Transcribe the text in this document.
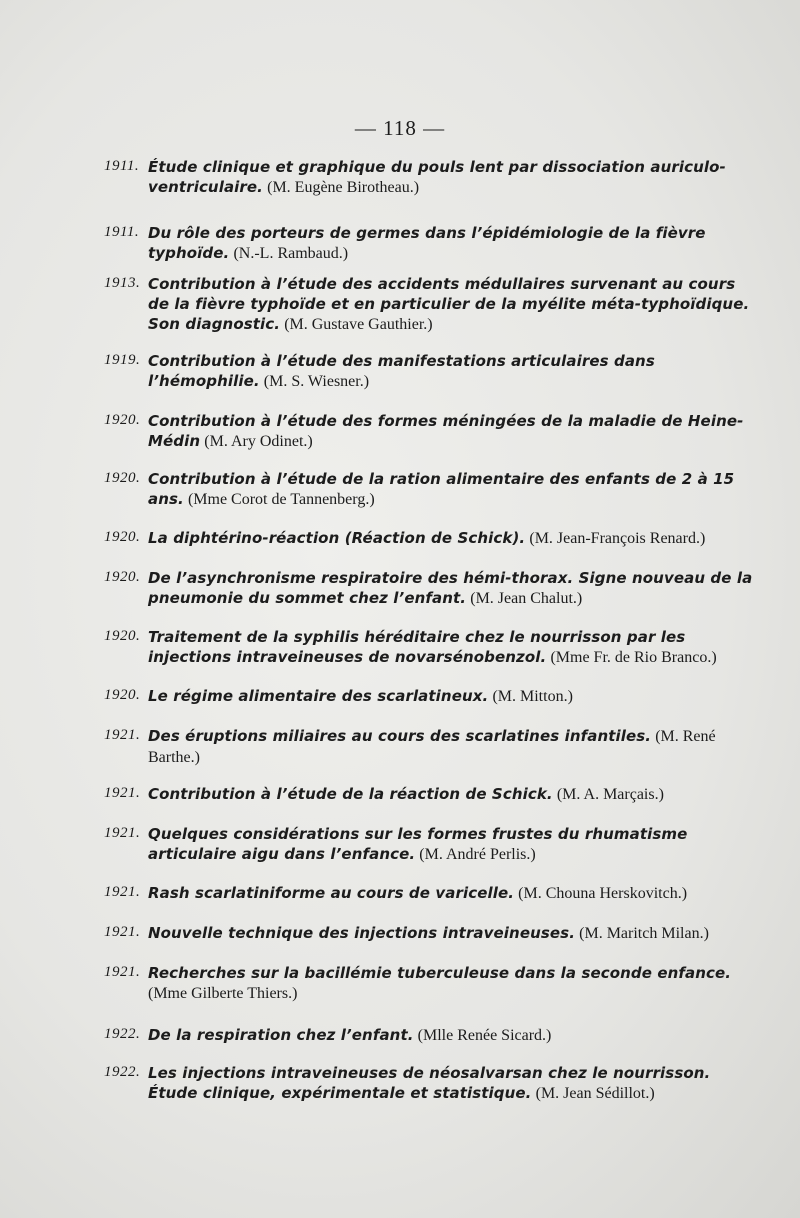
— 118 —
1911. Étude clinique et graphique du pouls lent par dissociation auriculo-ventriculaire. (M. Eugène Birotheau.)
1911. Du rôle des porteurs de germes dans l’épidémiologie de la fièvre typhoïde. (N.-L. Rambaud.)
1913. Contribution à l’étude des accidents médullaires survenant au cours de la fièvre typhoïde et en particulier de la myélite méta-typhoïdique. Son diagnostic. (M. Gustave Gauthier.)
1919. Contribution à l’étude des manifestations articulaires dans l’hémophilie. (M. S. Wiesner.)
1920. Contribution à l’étude des formes méningées de la maladie de Heine-Médin (M. Ary Odinet.)
1920. Contribution à l’étude de la ration alimentaire des enfants de 2 à 15 ans. (Mme Corot de Tannenberg.)
1920. La diphtérino-réaction (Réaction de Schick). (M. Jean-François Renard.)
1920. De l’asynchronisme respiratoire des hémi-thorax. Signe nouveau de la pneumonie du sommet chez l’enfant. (M. Jean Chalut.)
1920. Traitement de la syphilis héréditaire chez le nourrisson par les injections intraveineuses de novarsénobenzol. (Mme Fr. de Rio Branco.)
1920. Le régime alimentaire des scarlatineux. (M. Mitton.)
1921. Des éruptions miliaires au cours des scarlatines infantiles. (M. René Barthe.)
1921. Contribution à l’étude de la réaction de Schick. (M. A. Marçais.)
1921. Quelques considérations sur les formes frustes du rhumatisme articulaire aigu dans l’enfance. (M. André Perlis.)
1921. Rash scarlatiniforme au cours de varicelle. (M. Chouna Herskovitch.)
1921. Nouvelle technique des injections intraveineuses. (M. Maritch Milan.)
1921. Recherches sur la bacillémie tuberculeuse dans la seconde enfance. (Mme Gilberte Thiers.)
1922. De la respiration chez l’enfant. (Mlle Renée Sicard.)
1922. Les injections intraveineuses de néosalvarsan chez le nourrisson. Étude clinique, expérimentale et statistique. (M. Jean Sédillot.)
